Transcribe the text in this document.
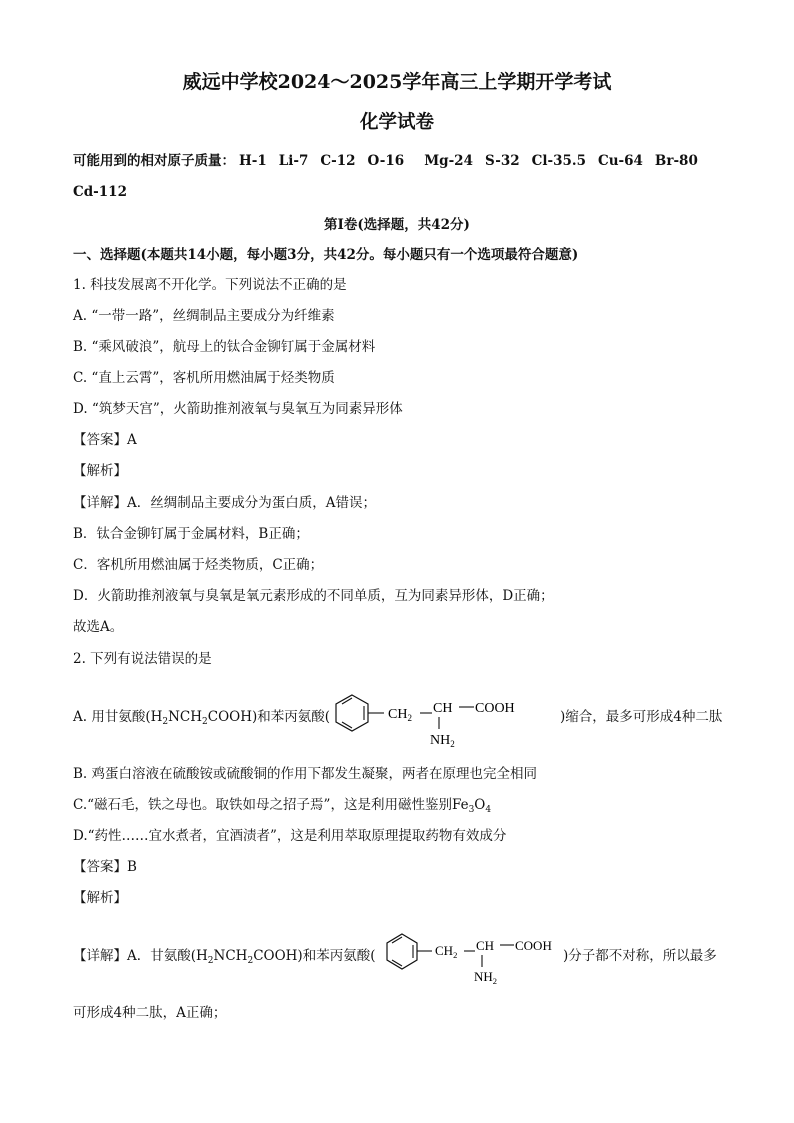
威远中学校2024～2025学年高三上学期开学考试
化学试卷
可能用到的相对原子质量： H-1 Li-7 C-12 O-16 Mg-24 S-32 Cl-35.5 Cu-64 Br-80
Cd-112
第Ⅰ卷(选择题，共42分)
一、选择题(本题共14小题，每小题3分，共42分。每小题只有一个选项最符合题意)
1. 科技发展离不开化学。下列说法不正确的是
A. “一带一路”，丝绸制品主要成分为纤维素
B. “乘风破浪”，航母上的钛合金铆钉属于金属材料
C. “直上云霄”，客机所用燃油属于烃类物质
D. “筑梦天宫”，火箭助推剂液氧与臭氧互为同素异形体
【答案】A
【解析】
【详解】A．丝绸制品主要成分为蛋白质，A错误；
B．钛合金铆钉属于金属材料，B正确；
C．客机所用燃油属于烃类物质，C正确；
D．火箭助推剂液氧与臭氧是氧元素形成的不同单质，互为同素异形体，D正确；
故选A。
2. 下列有说法错误的是
A. 用甘氨酸$(H_2NCH_2COOH)$和苯丙氨酸(	$CH_2$
CH COOH
$NH_2$
)缩合，最多可形成4种二肽
B. 鸡蛋白溶液在硫酸铵或硫酸铜的作用下都发生凝聚，两者在原理也完全相同
C.“磁石毛，铁之母也。取铁如母之招子焉”，这是利用磁性鉴别$Fe_3O_4$
D.“药性……宜水煮者，宜酒渍者”，这是利用萃取原理提取药物有效成分
【答案】B
【解析】
【详解】A．甘氨酸$(H_2NCH_2COOH)$和苯丙氨酸(	$CH_2$
CH COOH
$NH_2$
)分子都不对称，所以最多
可形成4种二肽，A正确；
